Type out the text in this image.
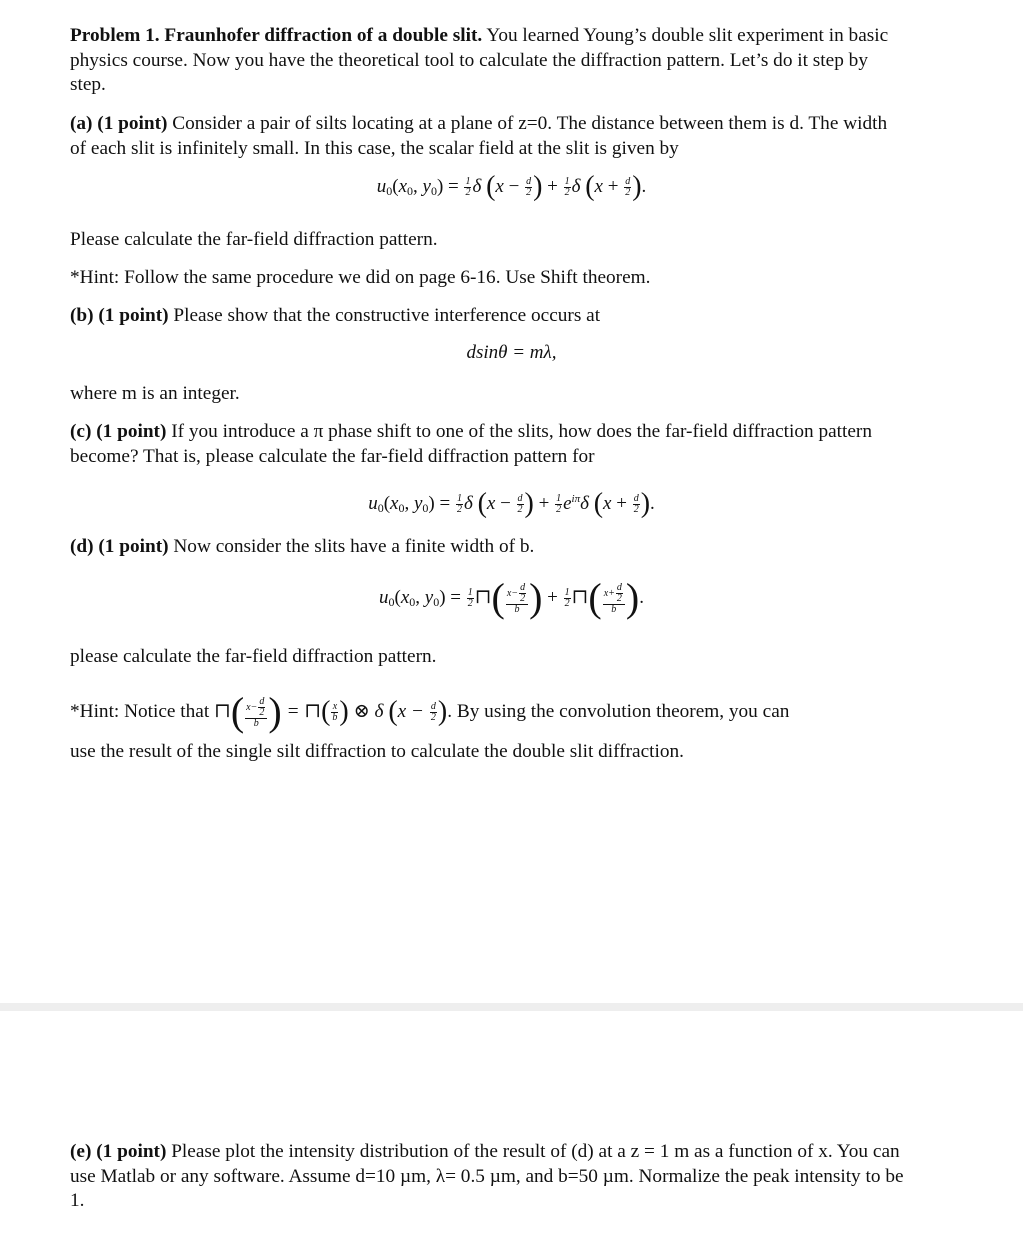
Problem 1. Fraunhofer diffraction of a double slit. You learned Young’s double slit experiment in basic physics course. Now you have the theoretical tool to calculate the diffraction pattern. Let’s do it step by step.

(a) (1 point) Consider a pair of silts locating at a plane of z=0. The distance between them is d. The width of each slit is infinitely small. In this case, the scalar field at the slit is given by

$u_0(x_0$, $y_0) = \frac{1}{2}$ δ ($x - \frac{d}{2}$ ) + $\frac{1}{2}$ δ ($x + \frac{d}{2}$ ).

Please calculate the far-field diffraction pattern.

*Hint: Follow the same procedure we did on page 6-16. Use Shift theorem.

(b) (1 point) Please show that the constructive interference occurs at

dsinθ = mλ,

where m is an integer.

(c) (1 point) If you introduce a π phase shift to one of the slits, how does the far-field diffraction pattern become? That is, please calculate the far-field diffraction pattern for

$u_0(x_0$, $y_0) = \frac{1}{2}$ δ ($x - \frac{d}{2}$ ) + $\frac{1}{2} e^{i\pi}\delta$ ($x + \frac{d}{2}$ ).

(d) (1 point) Now consider the slits have a finite width of b.

$u_0(x_0$, $y_0) = \frac{1}{2}$ ⊓( $\frac{x- \frac{d}{2}}{b}$ ) + $\frac{1}{2}$ ⊓( $\frac{x+ \frac{d}{2}}{b}$ ).

please calculate the far-field diffraction pattern.

*Hint: Notice that ⊓( $\frac{x- \frac{d}{2}}{b}$ ) = ⊓( $\frac{x}{b}$ ) ⊗ δ ($x - \frac{d}{2}$ ). By using the convolution theorem, you can

use the result of the single silt diffraction to calculate the double slit diffraction.

(e) (1 point) Please plot the intensity distribution of the result of (d) at a z = 1 m as a function of x. You can use Matlab or any software. Assume d=10 µm, λ= 0.5 µm, and b=50 µm. Normalize the peak intensity to be 1.
